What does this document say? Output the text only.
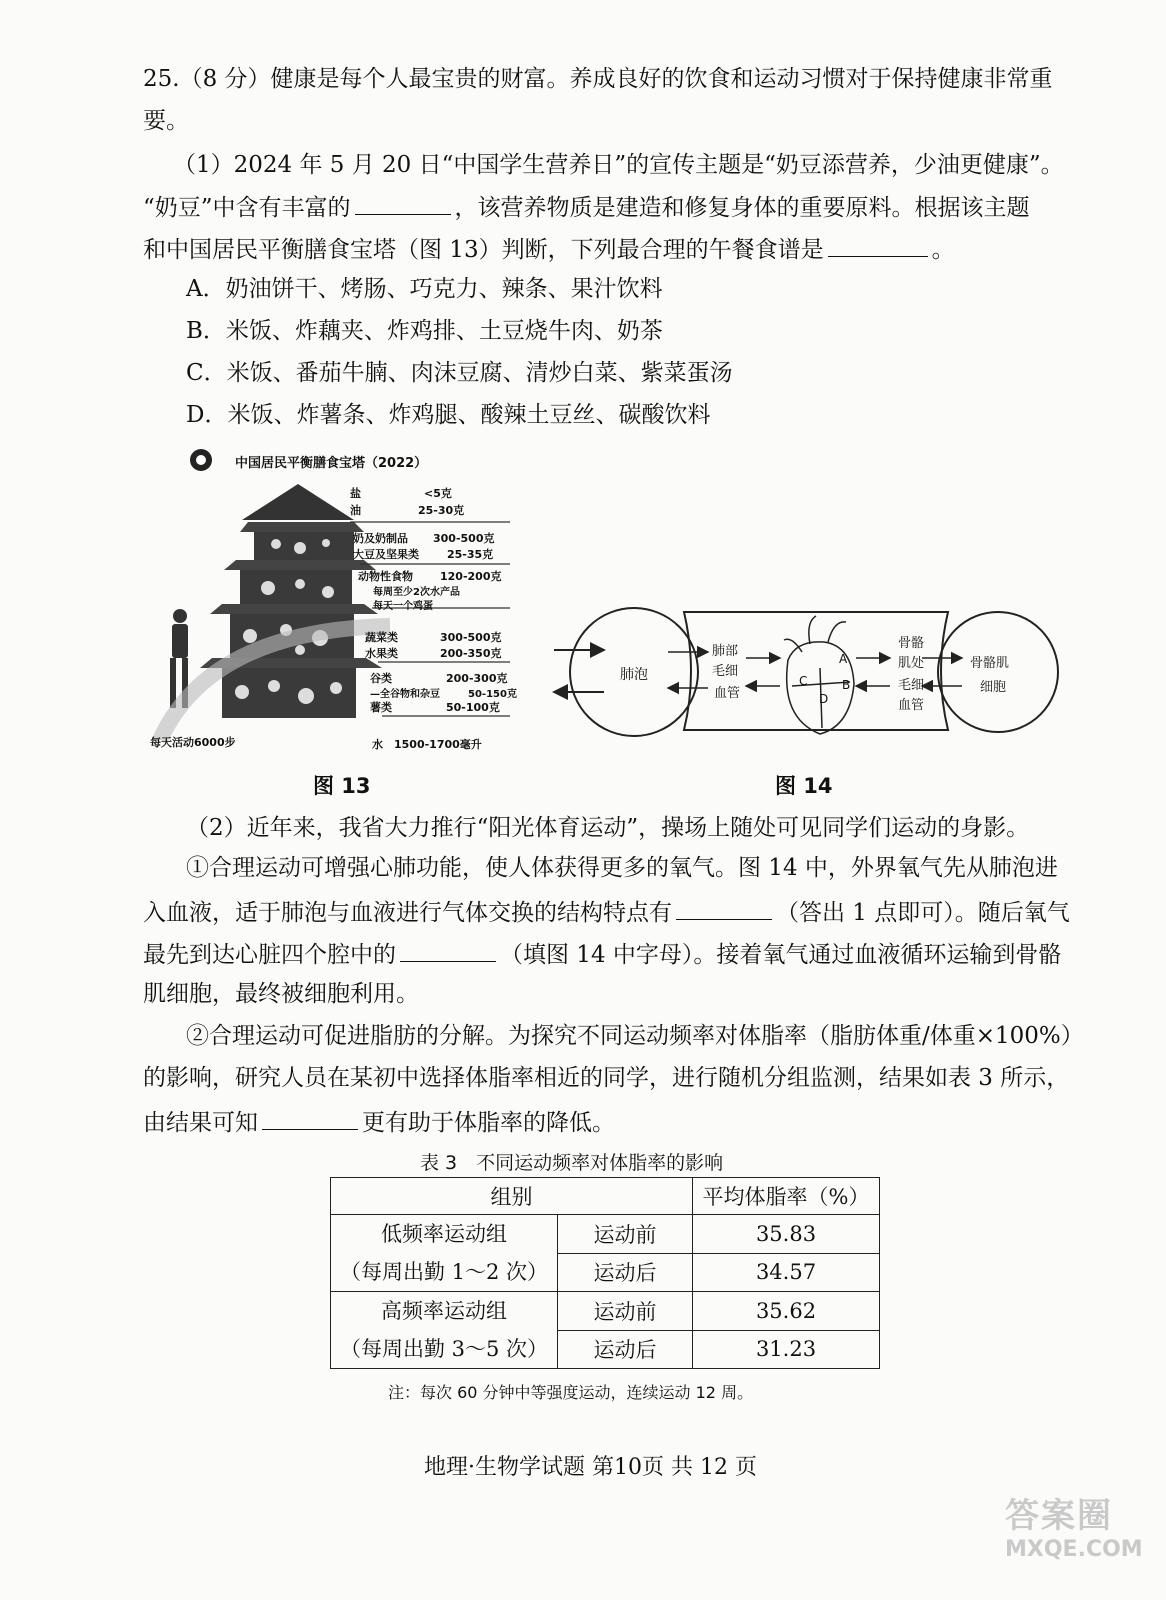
25.（8 分）健康是每个人最宝贵的财富。养成良好的饮食和运动习惯对于保持健康非常重
要。
（1）2024 年 5 月 20 日“中国学生营养日”的宣传主题是“奶豆添营养，少油更健康”。
“奶豆”中含有丰富的	，该营养物质是建造和修复身体的重要原料。根据该主题
和中国居民平衡膳食宝塔（图 13）判断，下列最合理的午餐食谱是	。
A．奶油饼干、烤肠、巧克力、辣条、果汁饮料
B．米饭、炸藕夹、炸鸡排、土豆烧牛肉、奶茶
C．米饭、番茄牛腩、肉沫豆腐、清炒白菜、紫菜蛋汤
D．米饭、炸薯条、炸鸡腿、酸辣土豆丝、碳酸饮料
中国居民平衡膳食宝塔（2022）
盐	<5克
油	25-30克
奶及奶制品 300-500克
大豆及坚果类	25-35克
动物性食物 120-200克
每周至少2次水产品
每天一个鸡蛋
蔬菜类	300-500克
水果类	200-350克
谷类	200-300克
—全谷物和杂豆	50-150克
薯类	50-100克
每天活动6000步	水　1500-1700毫升
图 13
肺泡
肺部
毛细
血管
A
B
C
D
骨骼
肌处
毛细
血管
骨骼肌
细胞
图 14
（2）近年来，我省大力推行“阳光体育运动”，操场上随处可见同学们运动的身影。
①合理运动可增强心肺功能，使人体获得更多的氧气。图 14 中，外界氧气先从肺泡进
入血液，适于肺泡与血液进行气体交换的结构特点有	（答出 1 点即可）。随后氧气
最先到达心脏四个腔中的	（填图 14 中字母）。接着氧气通过血液循环运输到骨骼
肌细胞，最终被细胞利用。
②合理运动可促进脂肪的分解。为探究不同运动频率对体脂率（脂肪体重/体重×100%）
的影响，研究人员在某初中选择体脂率相近的同学，进行随机分组监测，结果如表 3 所示，
由结果可知	更有助于体脂率的降低。
表 3　不同运动频率对体脂率的影响
组别		平均体脂率（%）

低频率运动组
（每周出勤 1～2 次）	运动前	35.83
	运动后	34.57

高频率运动组
（每周出勤 3～5 次）	运动前	35.62
	运动后	31.23
注：每次 60 分钟中等强度运动，连续运动 12 周。
地理·生物学试题 第10页 共 12 页
答案圈
MXQE.COM
